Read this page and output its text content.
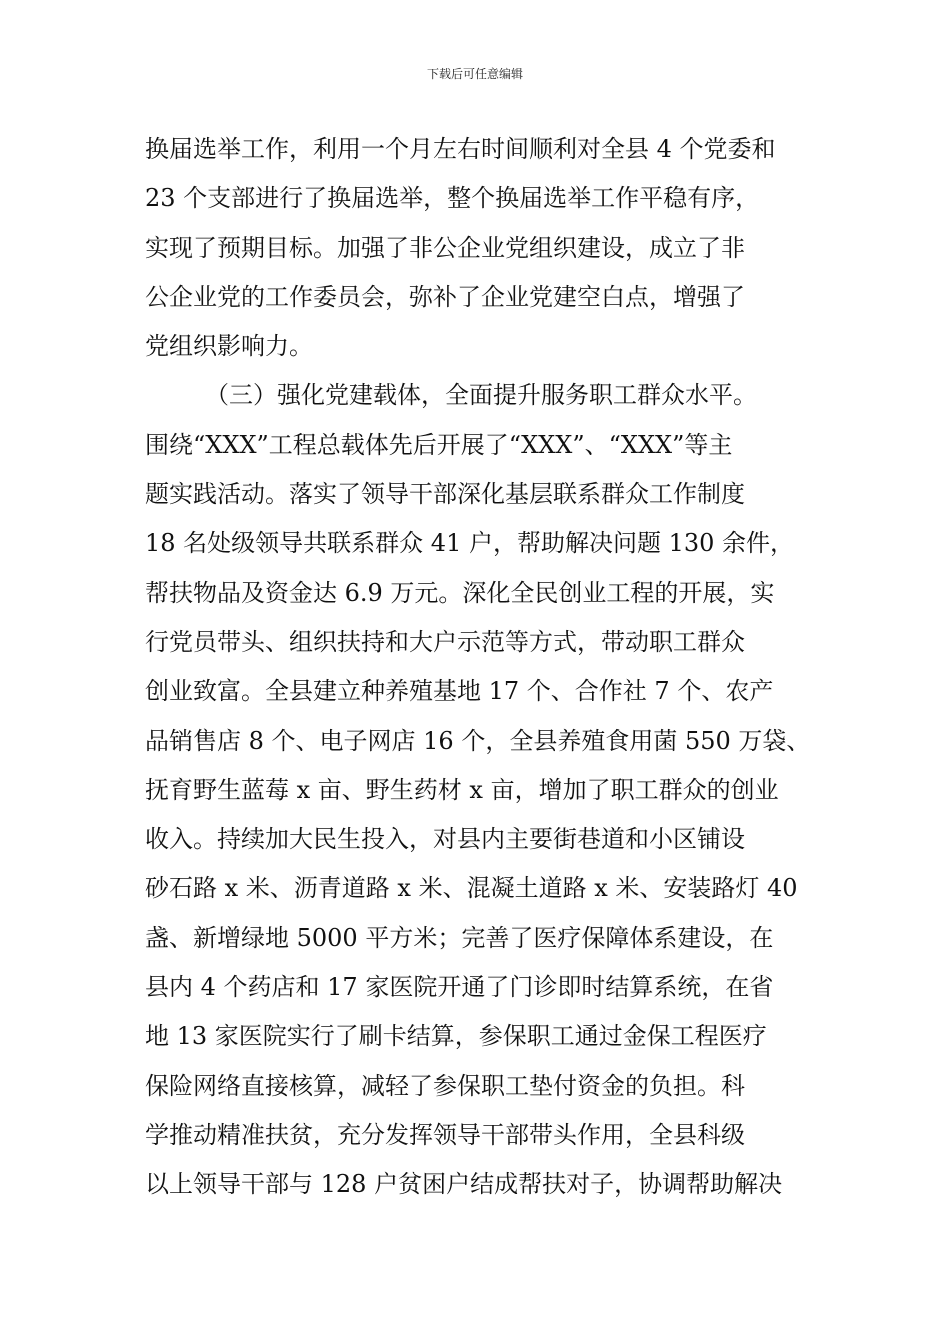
下载后可任意编辑
换届选举工作，利用一个月左右时间顺利对全县 4 个党委和
23 个支部进行了换届选举，整个换届选举工作平稳有序，
实现了预期目标。加强了非公企业党组织建设，成立了非
公企业党的工作委员会，弥补了企业党建空白点，增强了
党组织影响力。
（三）强化党建载体，全面提升服务职工群众水平。
围绕“XXX”工程总载体先后开展了“XXX”、“XXX”等主
题实践活动。落实了领导干部深化基层联系群众工作制度
18 名处级领导共联系群众 41 户，帮助解决问题 130 余件，
帮扶物品及资金达 6.9 万元。深化全民创业工程的开展，实
行党员带头、组织扶持和大户示范等方式，带动职工群众
创业致富。全县建立种养殖基地 17 个、合作社 7 个、农产
品销售店 8 个、电子网店 16 个，全县养殖食用菌 550 万袋、
抚育野生蓝莓 x 亩、野生药材 x 亩，增加了职工群众的创业
收入。持续加大民生投入，对县内主要街巷道和小区铺设
砂石路 x 米、沥青道路 x 米、混凝土道路 x 米、安装路灯 40
盏、新增绿地 5000 平方米；完善了医疗保障体系建设，在
县内 4 个药店和 17 家医院开通了门诊即时结算系统，在省
地 13 家医院实行了刷卡结算，参保职工通过金保工程医疗
保险网络直接核算，减轻了参保职工垫付资金的负担。科
学推动精准扶贫，充分发挥领导干部带头作用，全县科级
以上领导干部与 128 户贫困户结成帮扶对子，协调帮助解决
